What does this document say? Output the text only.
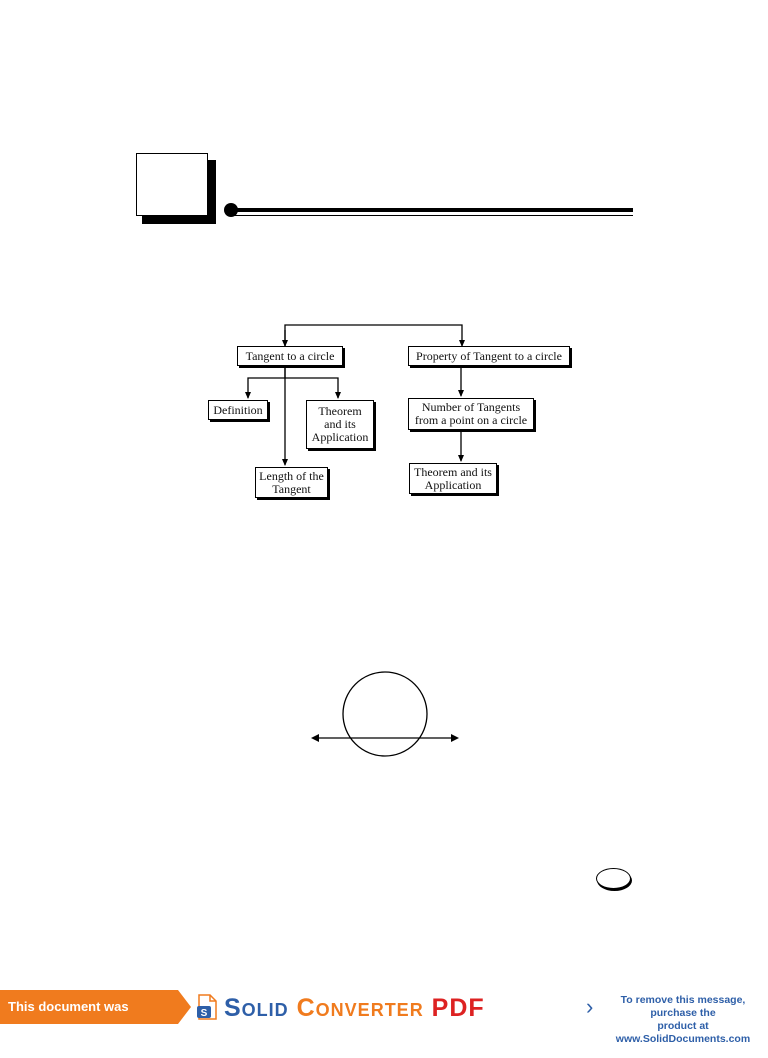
Tangent to a circle	Property of Tangent to a circle
Definition	Theorem
and its
Application
Length of the
Tangent
Number of Tangents
from a point on a circle
Theorem and its
Application
This document was created using
S Solid Converter PDF	›	To remove this message, purchase the
product at www.SolidDocuments.com
